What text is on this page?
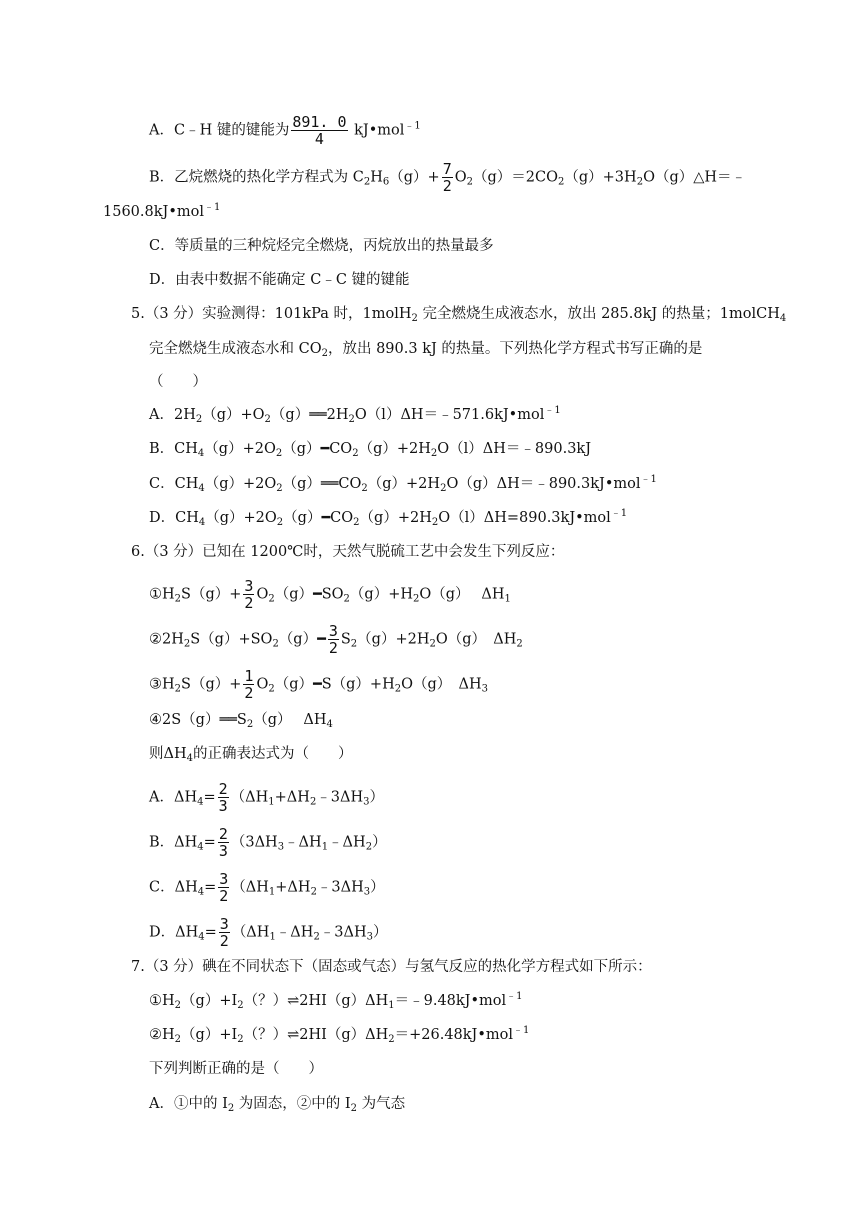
A．C﹣H 键的键能为 $\frac{891. 0}{4}$ kJ•mol$^{﹣1}$
B．乙烷燃烧的热化学方程式为 $C_2H_6(g)+ \frac{7}{2}$ $O_2(g)=2CO_2(g)+3H_2O(g)\triangle H=﹣$
1560.8kJ•mol$^{﹣1}$
C．等质量的三种烷烃完全燃烧，丙烷放出的热量最多
D．由表中数据不能确定 C﹣C 键的键能
5.（3 分）实验测得：101kPa 时，1molH$_2$ 完全燃烧生成液态水，放出 285.8kJ 的热量；1molCH$_4$
完全燃烧生成液态水和 $CO_2$，放出 890.3 kJ 的热量。下列热化学方程式书写正确的是
（　　）
A．$2H_2(g)+O_2(g)══2H_2O(l)\Delta H=﹣571.6kJ•mol^{﹣1}$
B．$CH_4(g)+2O_2(g)━CO_2(g)+2H_2O(l)\Delta H=﹣890.3kJ$
C．$CH_4(g)+2O_2(g)══CO_2(g)+2H_2O(g)\Delta H=﹣890.3kJ•mol^{﹣1}$
D．$CH_4(g)+2O_2(g)━CO_2(g)+2H_2O(l)\Delta H=890.3kJ•mol^{﹣1}$
6.（3 分）已知在 1200℃时，天然气脱硫工艺中会发生下列反应：
$①H_2S(g)+ \frac{3}{2}$ $O_2(g)━SO_2(g)+H_2O(g)$　 $\Delta H_1$
$②2H_2S(g)+SO_2(g)━ \frac{3}{2} S_2(g)+2H_2O(g)$　$\Delta H_2$
$③H_2S(g)+ \frac{1}{2}$ $O_2(g)━S(g)+H_2O(g)$　$\Delta H_3$
$④2S(g)══S_2(g)$　 $\Delta H_4$
则$\Delta H_4$的正确表达式为（　　）
A．$\Delta H_4= \frac{2}{3}$ $(\Delta H_1+\Delta H_2﹣3\Delta H_3)$
B．$\Delta H_4= \frac{2}{3}$ $(3\Delta H_3﹣\Delta H_1﹣\Delta H_2)$
C．$\Delta H_4= \frac{3}{2}$ $(\Delta H_1+\Delta H_2﹣3\Delta H_3)$
D．$\Delta H_4= \frac{3}{2}$ $(\Delta H_1﹣\Delta H_2﹣3\Delta H_3)$
7.（3 分）碘在不同状态下（固态或气态）与氢气反应的热化学方程式如下所示：
$①H_2(g)+I_2$（？）$\rightleftharpoons 2HI(g)\Delta H_1=﹣9.48kJ•mol^{﹣1}$
$②H_2(g)+I_2$（？）$\rightleftharpoons 2HI(g)\Delta H_2=+26.48kJ•mol^{﹣1}$
下列判断正确的是（　　）
A．①中的 $I_2$ 为固态，②中的 $I_2$ 为气态
